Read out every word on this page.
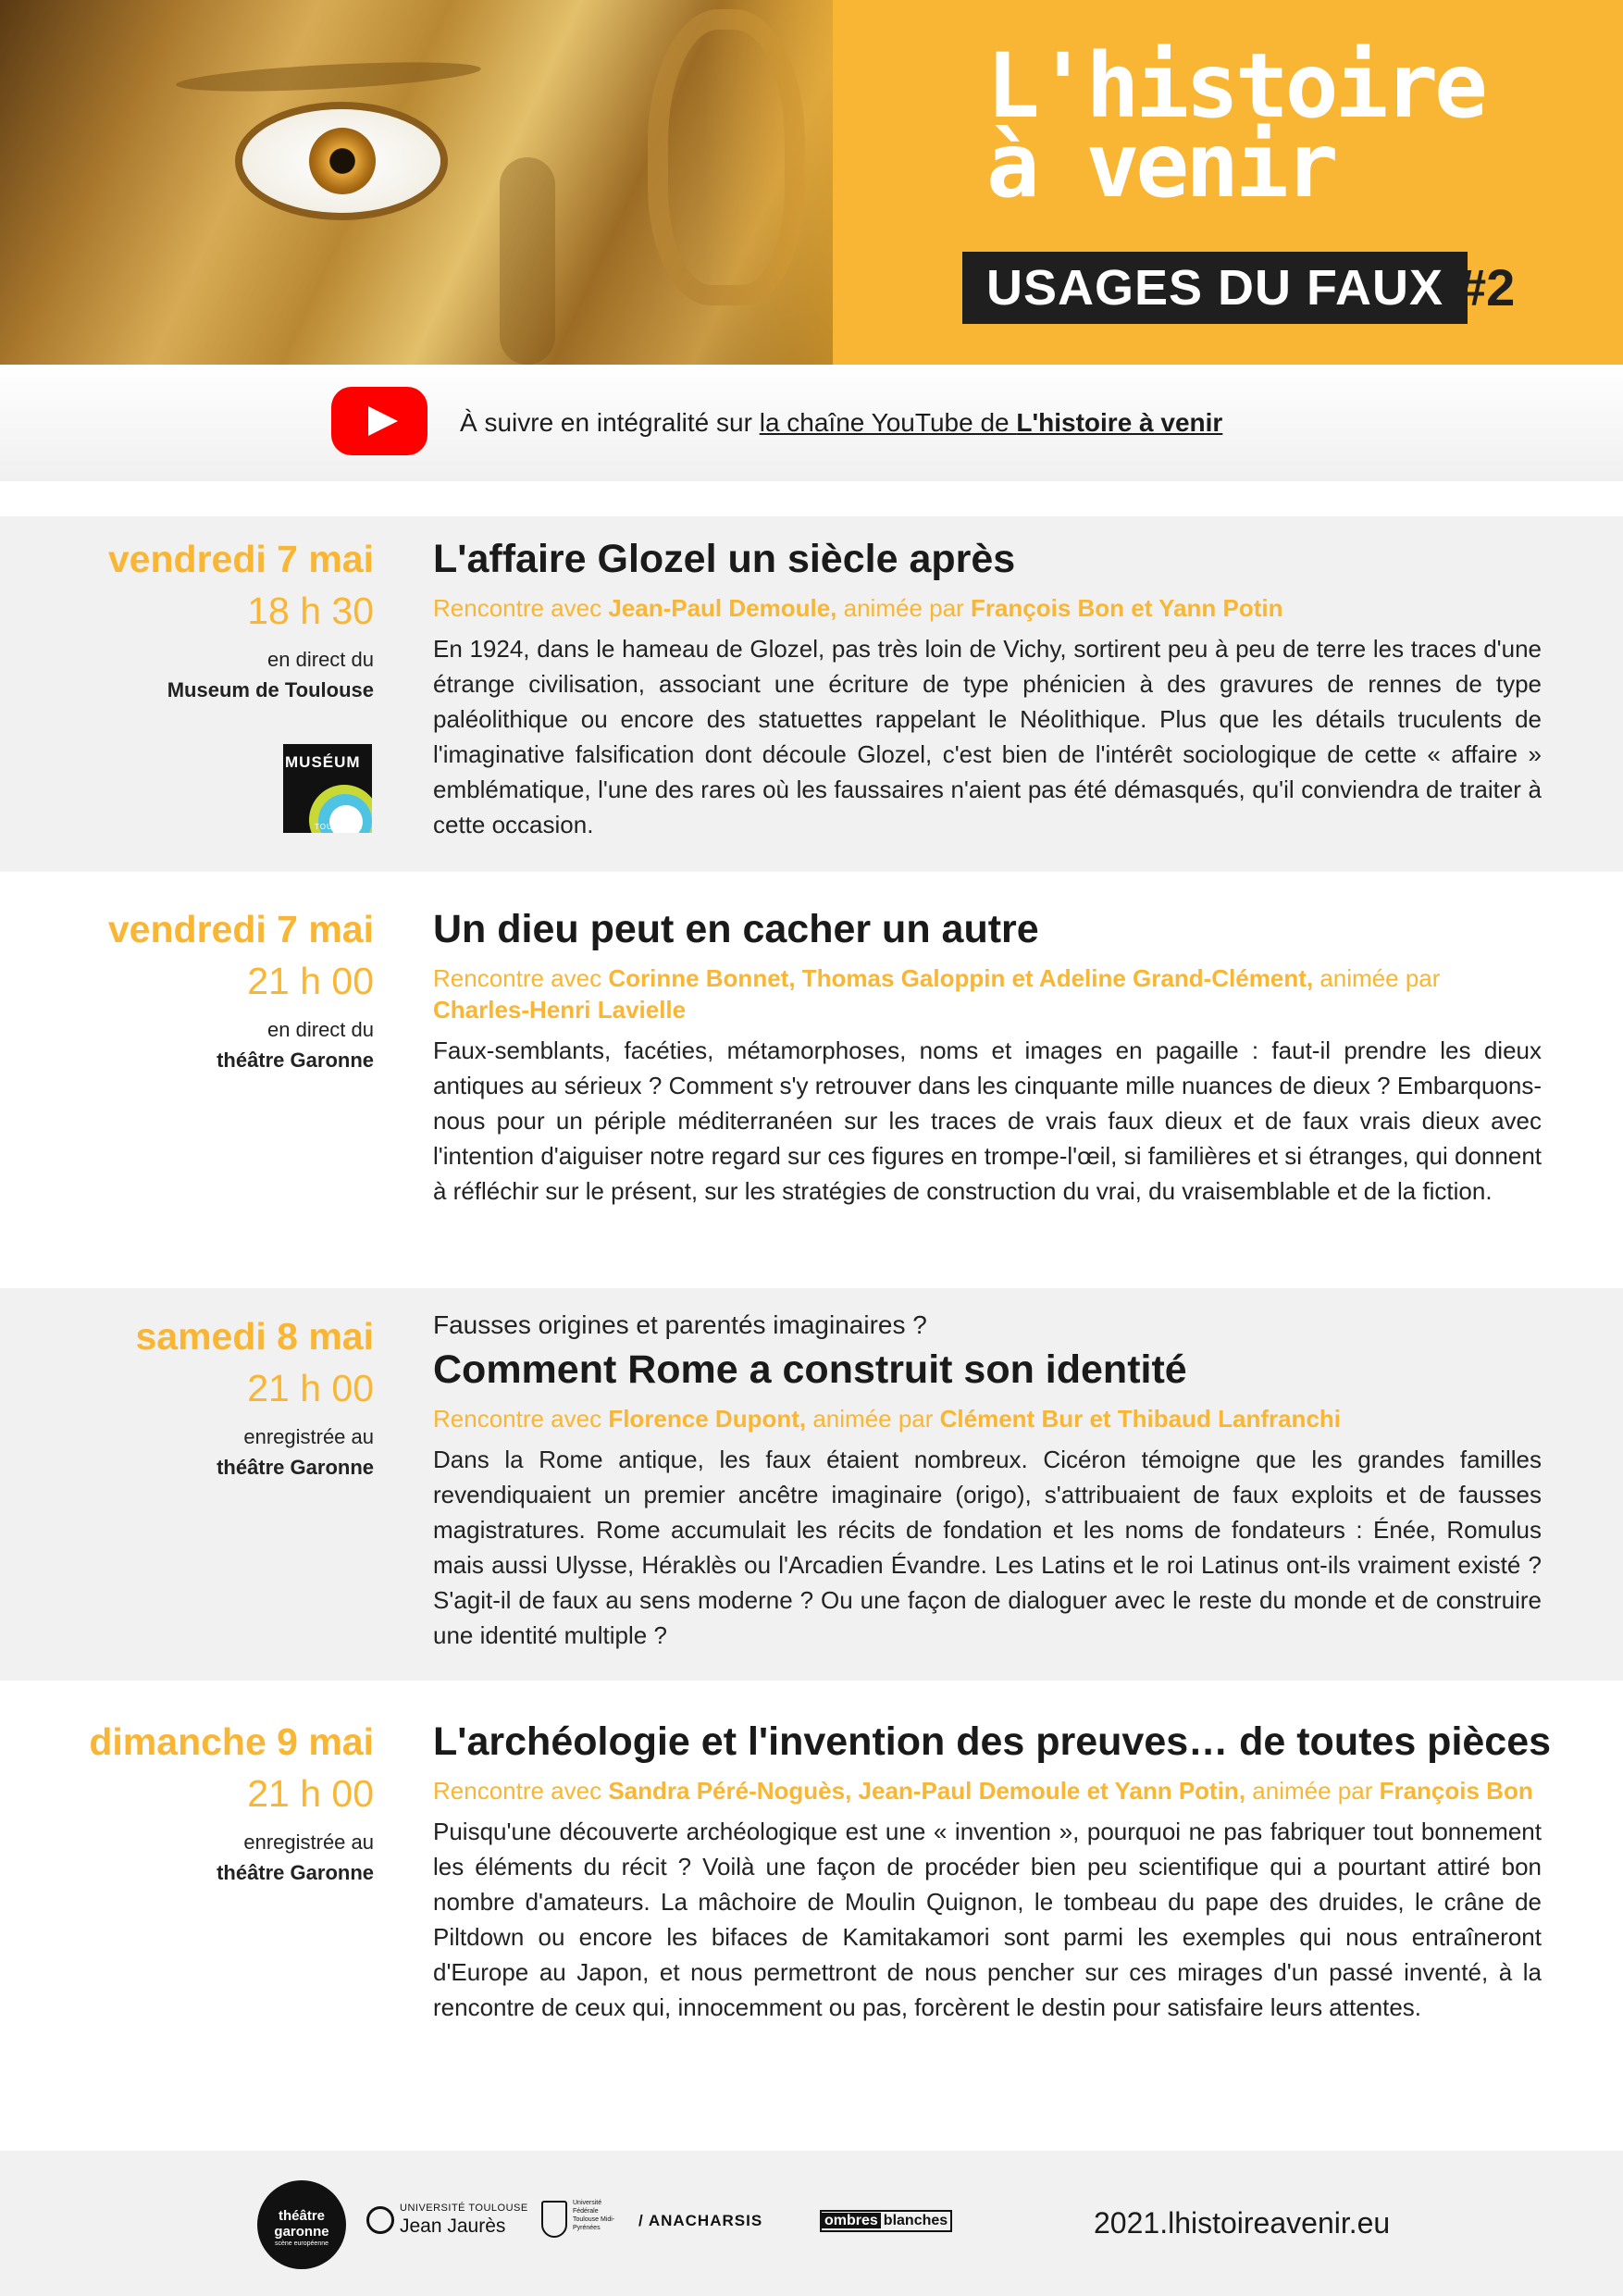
L'histoire
à venir
USAGES DU FAUX #2
À suivre en intégralité sur la chaîne YouTube de L'histoire à venir
vendredi 7 mai
18 h 30
en direct du
Museum de Toulouse
MUSÉUM
TOULOUSE
L'affaire Glozel un siècle après
Rencontre avec Jean-Paul Demoule, animée par François Bon et Yann Potin
En 1924, dans le hameau de Glozel, pas très loin de Vichy, sortirent peu à peu de terre les traces d'une étrange civilisation, associant une écriture de type phénicien à des gravures de rennes de type paléolithique ou encore des statuettes rappelant le Néolithique. Plus que les détails truculents de l'imaginative falsification dont découle Glozel, c'est bien de l'intérêt sociologique de cette « affaire » emblématique, l'une des rares où les faussaires n'aient pas été démasqués, qu'il conviendra de traiter à cette occasion.
vendredi 7 mai
21 h 00
en direct du
théâtre Garonne
Un dieu peut en cacher un autre
Rencontre avec Corinne Bonnet, Thomas Galoppin et Adeline Grand-Clément, animée par Charles-Henri Lavielle
Faux-semblants, facéties, métamorphoses, noms et images en pagaille : faut-il prendre les dieux antiques au sérieux ? Comment s'y retrouver dans les cinquante mille nuances de dieux ? Embarquons-nous pour un périple méditerranéen sur les traces de vrais faux dieux et de faux vrais dieux avec l'intention d'aiguiser notre regard sur ces figures en trompe-l'œil, si familières et si étranges, qui donnent à réfléchir sur le présent, sur les stratégies de construction du vrai, du vraisemblable et de la fiction.
samedi 8 mai
21 h 00
enregistrée au
théâtre Garonne
Fausses origines et parentés imaginaires ?
Comment Rome a construit son identité
Rencontre avec Florence Dupont, animée par Clément Bur et Thibaud Lanfranchi
Dans la Rome antique, les faux étaient nombreux. Cicéron témoigne que les grandes familles revendiquaient un premier ancêtre imaginaire (origo), s'attribuaient de faux exploits et de fausses magistratures. Rome accumulait les récits de fondation et les noms de fondateurs : Énée, Romulus mais aussi Ulysse, Héraklès ou l'Arcadien Évandre. Les Latins et le roi Latinus ont-ils vraiment existé ? S'agit-il de faux au sens moderne ? Ou une façon de dialoguer avec le reste du monde et de construire une identité multiple ?
dimanche 9 mai
21 h 00
enregistrée au
théâtre Garonne
L'archéologie et l'invention des preuves… de toutes pièces
Rencontre avec Sandra Péré-Noguès, Jean-Paul Demoule et Yann Potin, animée par François Bon
Puisqu'une découverte archéologique est une « invention », pourquoi ne pas fabriquer tout bonnement les éléments du récit ? Voilà une façon de procéder bien peu scientifique qui a pourtant attiré bon nombre d'amateurs. La mâchoire de Moulin Quignon, le tombeau du pape des druides, le crâne de Piltdown ou encore les bifaces de Kamitakamori sont parmi les exemples qui nous entraîneront d'Europe au Japon, et nous permettront de nous pencher sur ces mirages d'un passé inventé, à la rencontre de ceux qui, innocemment ou pas, forcèrent le destin pour satisfaire leurs attentes.
théâtre
garonne
scène européenne
UNIVERSITÉ TOULOUSE
Jean Jaurès
Université Fédérale Toulouse Midi-Pyrénées	/ ANACHARSIS	ombres blanches	2021.lhistoireavenir.eu
